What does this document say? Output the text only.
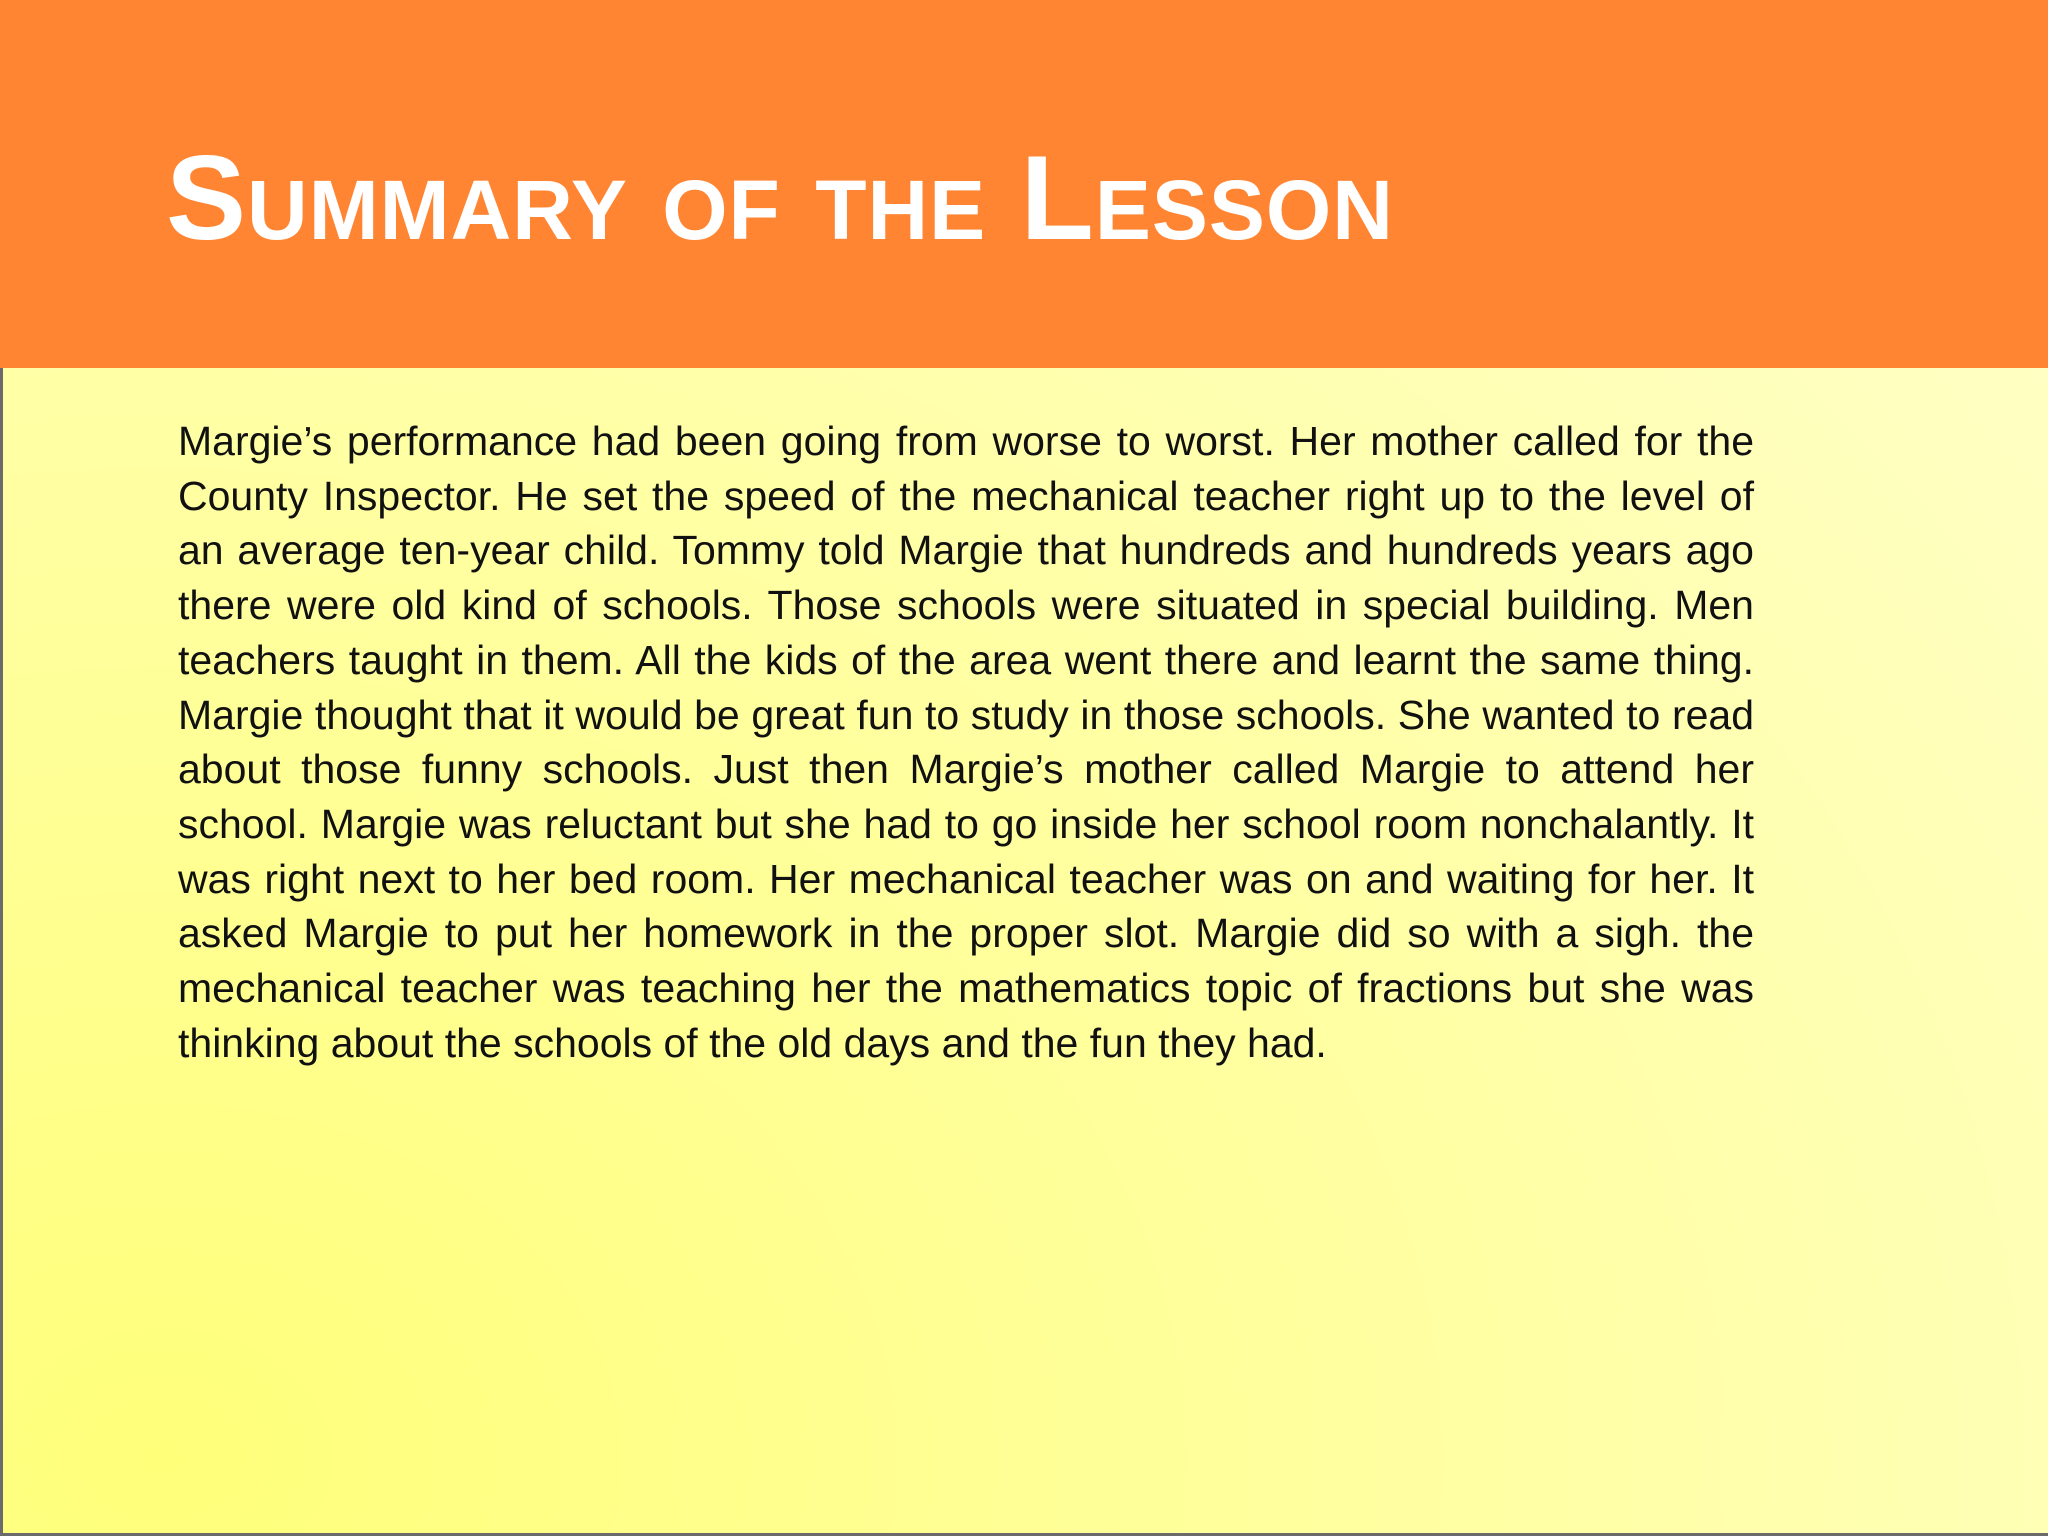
Summary of the Lesson

Margie’s performance had been going from worse to worst. Her mother called for the County Inspector. He set the speed of the mechanical teacher right up to the level of an average ten-year child. Tommy told Margie that hundreds and hundreds years ago there were old kind of schools. Those schools were situated in special building. Men teachers taught in them. All the kids of the area went there and learnt the same thing. Margie thought that it would be great fun to study in those schools. She wanted to read about those funny schools. Just then Margie’s mother called Margie to attend her school. Margie was reluctant but she had to go inside her school room nonchalantly. It was right next to her bed room. Her mechanical teacher was on and waiting for her. It asked Margie to put her homework in the proper slot. Margie did so with a sigh. the mechanical teacher was teaching her the mathematics topic of fractions but she was thinking about the schools of the old days and the fun they had.
